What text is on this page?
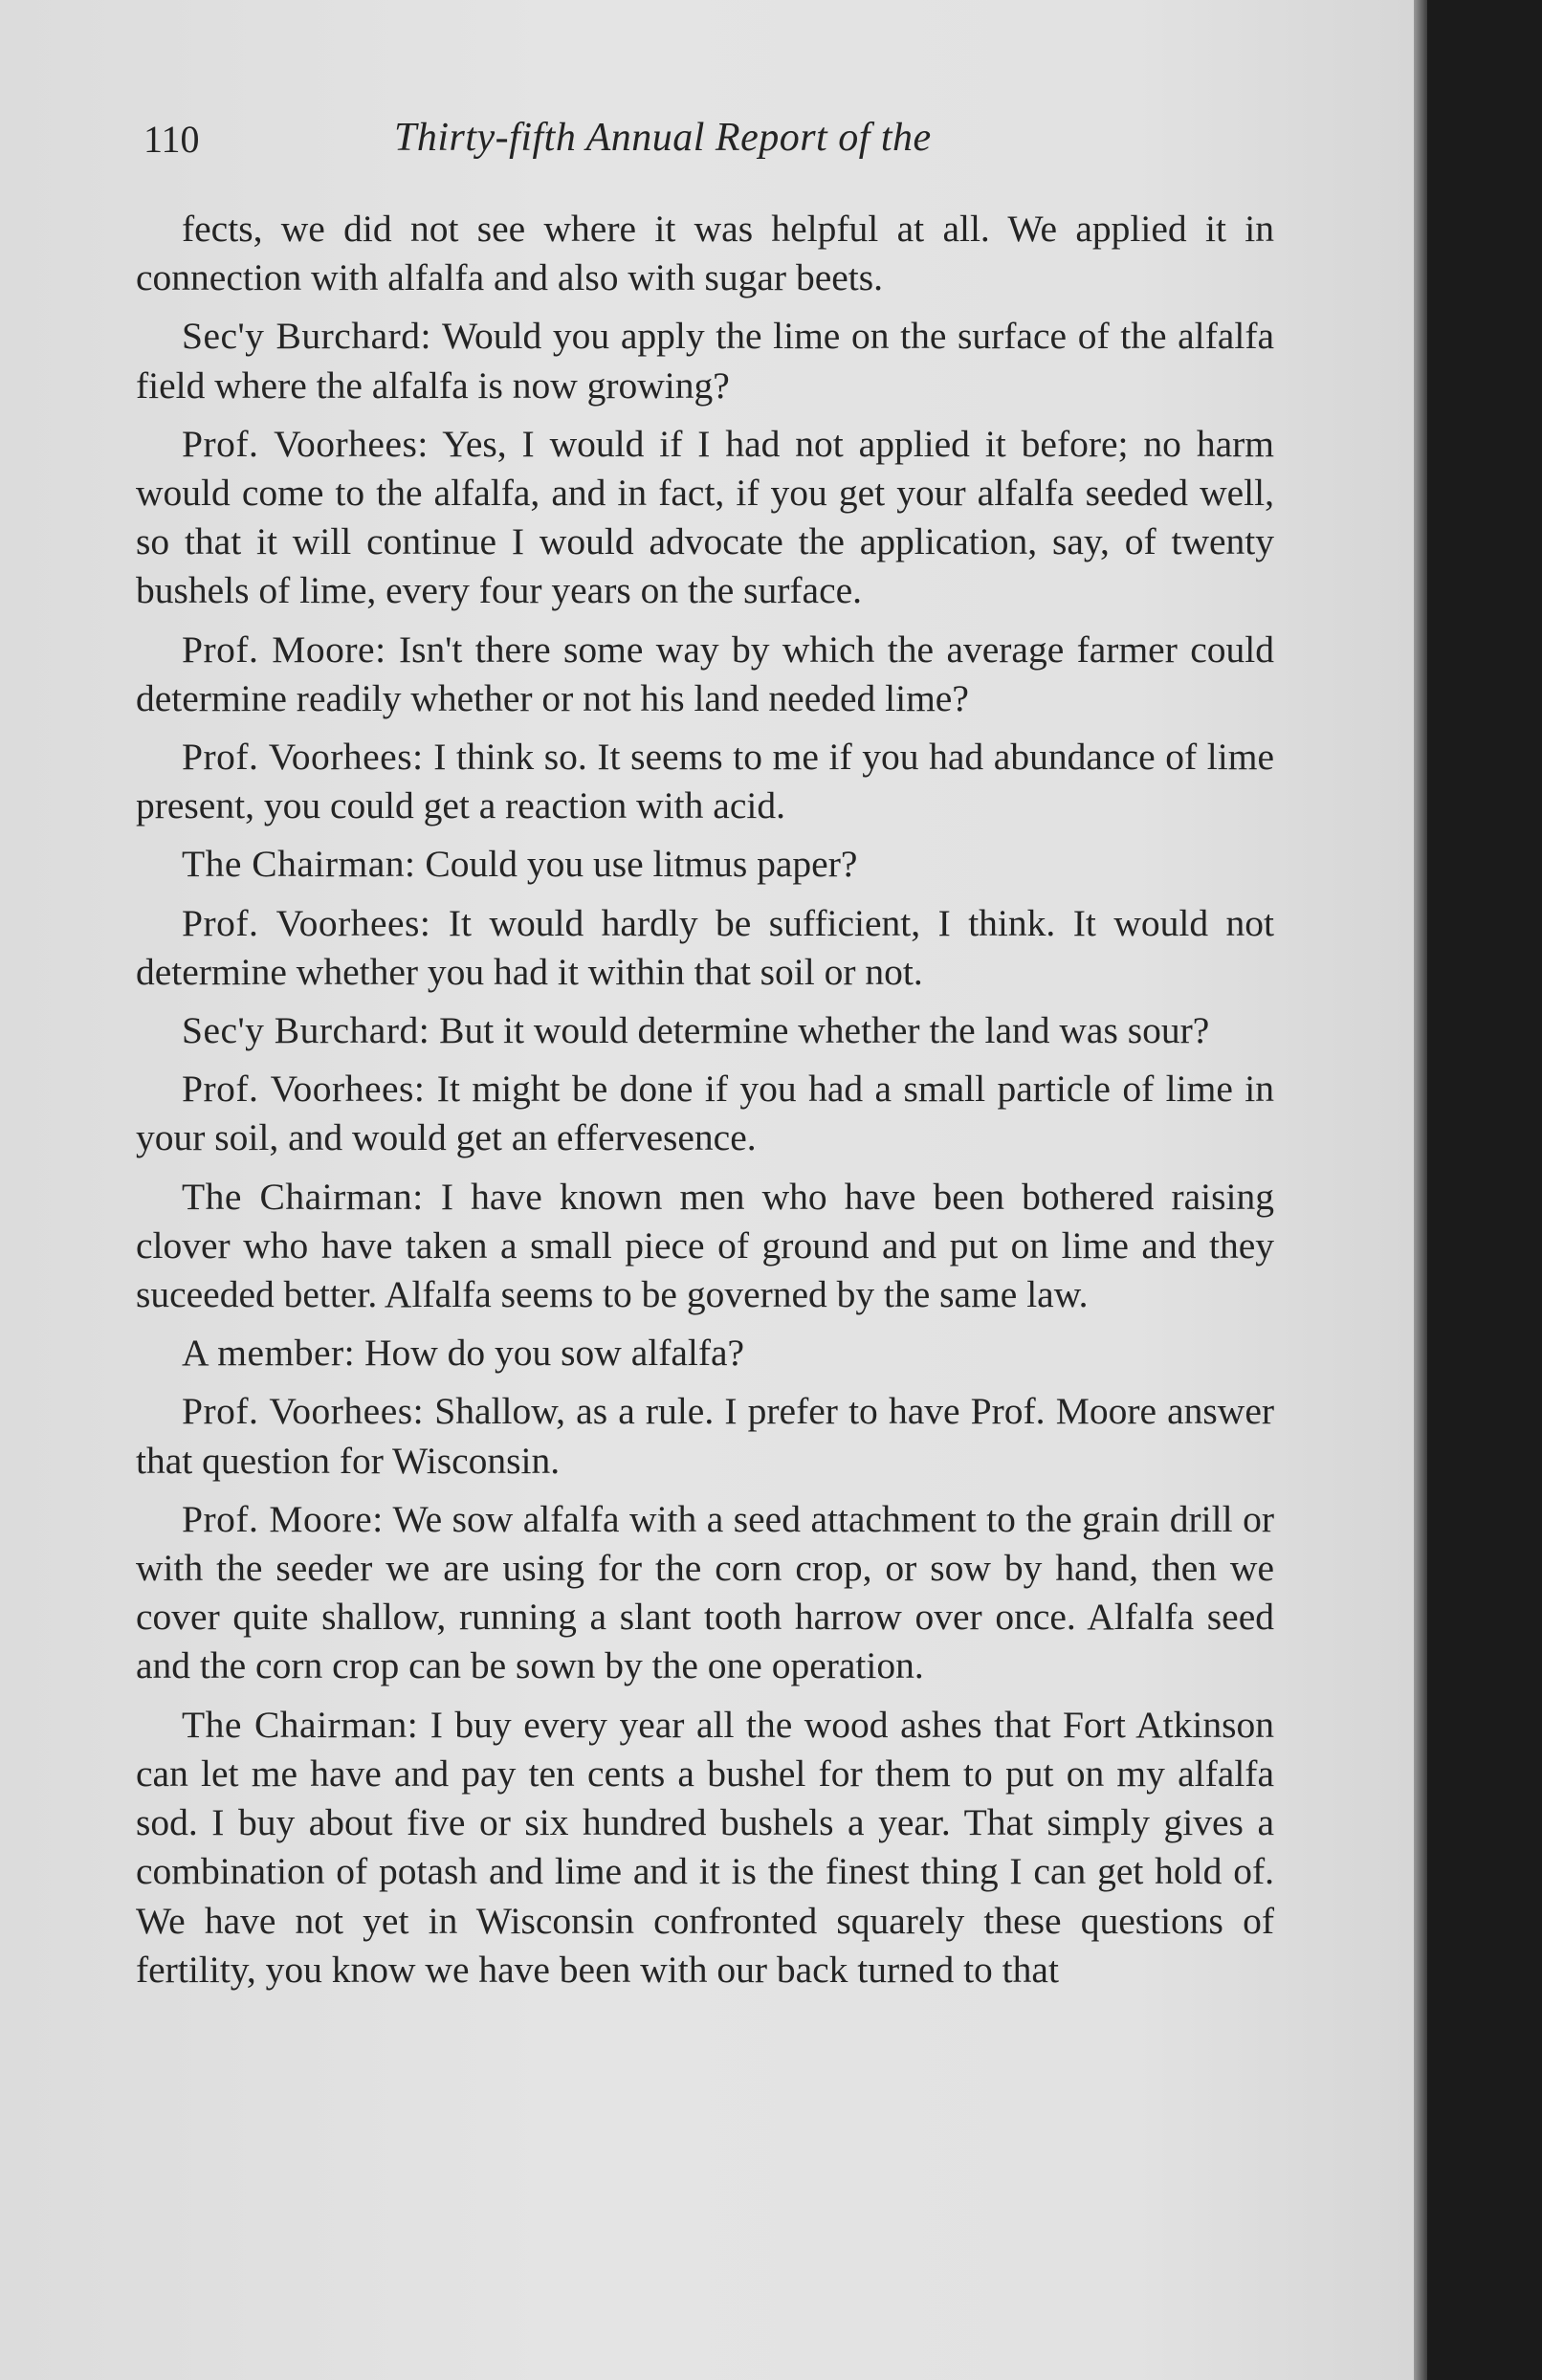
110	Thirty-fifth Annual Report of the

fects, we did not see where it was helpful at all. We applied it in connection with alfalfa and also with sugar beets.

Sec'y Burchard: Would you apply the lime on the surface of the alfalfa field where the alfalfa is now growing?

Prof. Voorhees: Yes, I would if I had not applied it before; no harm would come to the alfalfa, and in fact, if you get your alfalfa seeded well, so that it will continue I would advocate the application, say, of twenty bushels of lime, every four years on the surface.

Prof. Moore: Isn't there some way by which the average farmer could determine readily whether or not his land needed lime?

Prof. Voorhees: I think so. It seems to me if you had abundance of lime present, you could get a reaction with acid.

The Chairman: Could you use litmus paper?

Prof. Voorhees: It would hardly be sufficient, I think. It would not determine whether you had it within that soil or not.

Sec'y Burchard: But it would determine whether the land was sour?

Prof. Voorhees: It might be done if you had a small particle of lime in your soil, and would get an effervesence.

The Chairman: I have known men who have been bothered raising clover who have taken a small piece of ground and put on lime and they suceeded better. Alfalfa seems to be governed by the same law.

A member: How do you sow alfalfa?

Prof. Voorhees: Shallow, as a rule. I prefer to have Prof. Moore answer that question for Wisconsin.

Prof. Moore: We sow alfalfa with a seed attachment to the grain drill or with the seeder we are using for the corn crop, or sow by hand, then we cover quite shallow, running a slant tooth harrow over once. Alfalfa seed and the corn crop can be sown by the one operation.

The Chairman: I buy every year all the wood ashes that Fort Atkinson can let me have and pay ten cents a bushel for them to put on my alfalfa sod. I buy about five or six hundred bushels a year. That simply gives a combination of potash and lime and it is the finest thing I can get hold of. We have not yet in Wisconsin confronted squarely these questions of fertility, you know we have been with our back turned to that
